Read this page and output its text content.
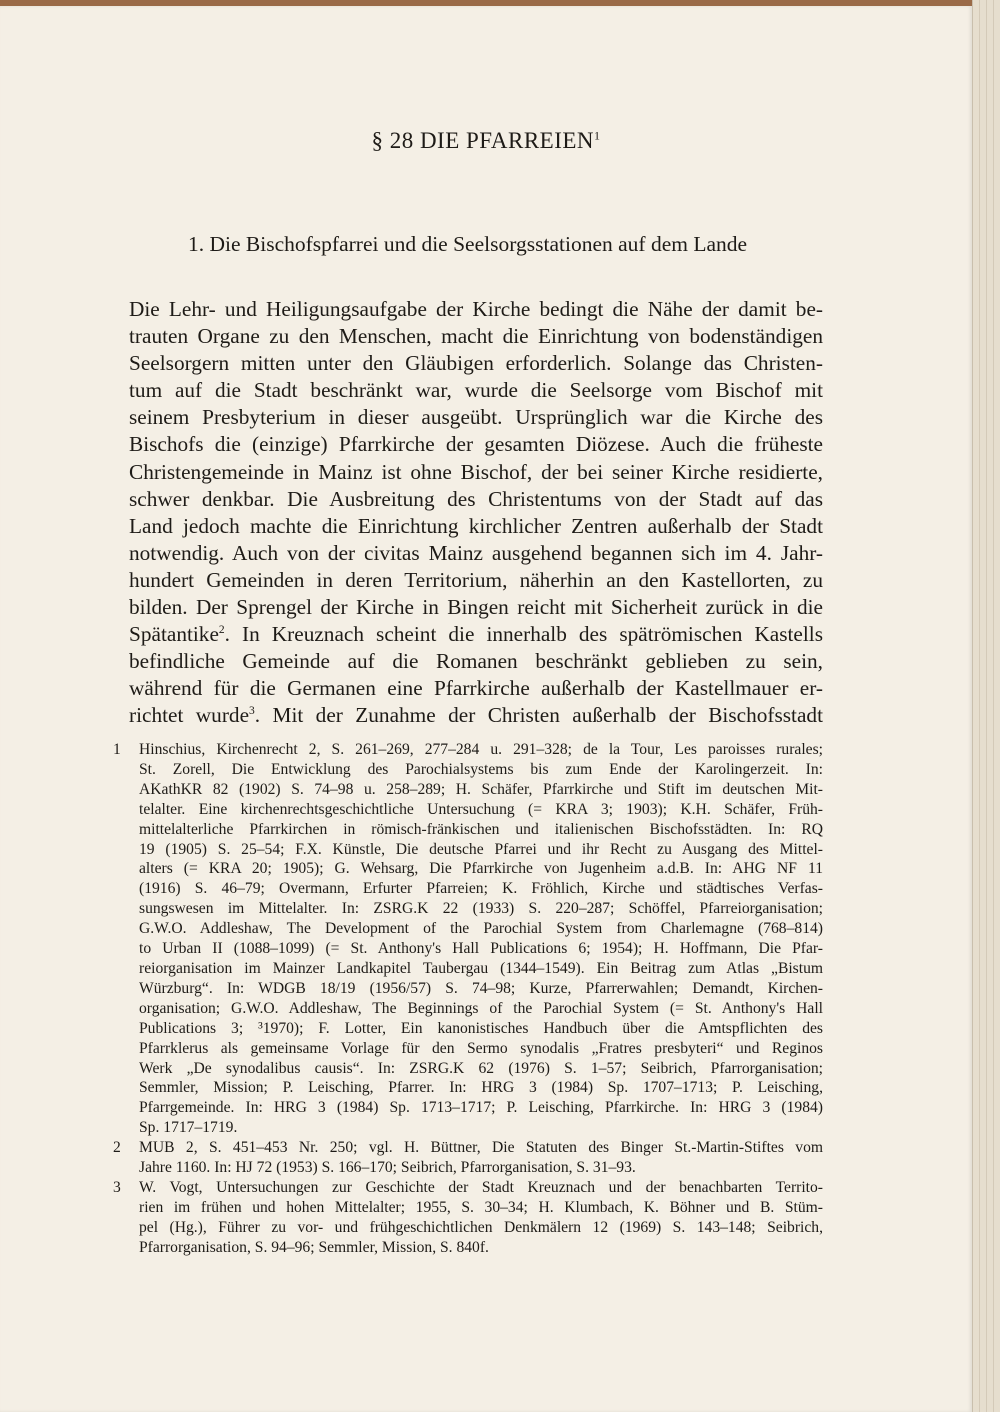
§ 28 DIE PFARREIEN$^1$
1. Die Bischofspfarrei und die Seelsorgsstationen auf dem Lande
Die Lehr- und Heiligungsaufgabe der Kirche bedingt die Nähe der damit be-
trauten Organe zu den Menschen, macht die Einrichtung von bodenständigen
Seelsorgern mitten unter den Gläubigen erforderlich. Solange das Christen-
tum auf die Stadt beschränkt war, wurde die Seelsorge vom Bischof mit
seinem Presbyterium in dieser ausgeübt. Ursprünglich war die Kirche des
Bischofs die (einzige) Pfarrkirche der gesamten Diözese. Auch die früheste
Christengemeinde in Mainz ist ohne Bischof, der bei seiner Kirche residierte,
schwer denkbar. Die Ausbreitung des Christentums von der Stadt auf das
Land jedoch machte die Einrichtung kirchlicher Zentren außerhalb der Stadt
notwendig. Auch von der civitas Mainz ausgehend begannen sich im 4. Jahr-
hundert Gemeinden in deren Territorium, näherhin an den Kastellorten, zu
bilden. Der Sprengel der Kirche in Bingen reicht mit Sicherheit zurück in die
Spätantike$^2$. In Kreuznach scheint die innerhalb des spätrömischen Kastells
befindliche Gemeinde auf die Romanen beschränkt geblieben zu sein,
während für die Germanen eine Pfarrkirche außerhalb der Kastellmauer er-
richtet wurde$^3$. Mit der Zunahme der Christen außerhalb der Bischofsstadt
1 Hinschius, Kirchenrecht 2, S. 261–269, 277–284 u. 291–328; de la Tour, Les paroisses rurales;
St. Zorell, Die Entwicklung des Parochialsystems bis zum Ende der Karolingerzeit. In:
AKathKR 82 (1902) S. 74–98 u. 258–289; H. Schäfer, Pfarrkirche und Stift im deutschen Mit-
telalter. Eine kirchenrechtsgeschichtliche Untersuchung (= KRA 3; 1903); K.H. Schäfer, Früh-
mittelalterliche Pfarrkirchen in römisch-fränkischen und italienischen Bischofsstädten. In: RQ
19 (1905) S. 25–54; F.X. Künstle, Die deutsche Pfarrei und ihr Recht zu Ausgang des Mittel-
alters (= KRA 20; 1905); G. Wehsarg, Die Pfarrkirche von Jugenheim a.d.B. In: AHG NF 11
(1916) S. 46–79; Overmann, Erfurter Pfarreien; K. Fröhlich, Kirche und städtisches Verfas-
sungswesen im Mittelalter. In: ZSRG.K 22 (1933) S. 220–287; Schöffel, Pfarreiorganisation;
G.W.O. Addleshaw, The Development of the Parochial System from Charlemagne (768–814)
to Urban II (1088–1099) (= St. Anthony's Hall Publications 6; 1954); H. Hoffmann, Die Pfar-
reiorganisation im Mainzer Landkapitel Taubergau (1344–1549). Ein Beitrag zum Atlas „Bistum
Würzburg“. In: WDGB 18/19 (1956/57) S. 74–98; Kurze, Pfarrerwahlen; Demandt, Kirchen-
organisation; G.W.O. Addleshaw, The Beginnings of the Parochial System (= St. Anthony's Hall
Publications 3; ³1970); F. Lotter, Ein kanonistisches Handbuch über die Amtspflichten des
Pfarrklerus als gemeinsame Vorlage für den Sermo synodalis „Fratres presbyteri“ und Reginos
Werk „De synodalibus causis“. In: ZSRG.K 62 (1976) S. 1–57; Seibrich, Pfarrorganisation;
Semmler, Mission; P. Leisching, Pfarrer. In: HRG 3 (1984) Sp. 1707–1713; P. Leisching,
Pfarrgemeinde. In: HRG 3 (1984) Sp. 1713–1717; P. Leisching, Pfarrkirche. In: HRG 3 (1984)
Sp. 1717–1719.
2 MUB 2, S. 451–453 Nr. 250; vgl. H. Büttner, Die Statuten des Binger St.-Martin-Stiftes vom
Jahre 1160. In: HJ 72 (1953) S. 166–170; Seibrich, Pfarrorganisation, S. 31–93.
3 W. Vogt, Untersuchungen zur Geschichte der Stadt Kreuznach und der benachbarten Territo-
rien im frühen und hohen Mittelalter; 1955, S. 30–34; H. Klumbach, K. Böhner und B. Stüm-
pel (Hg.), Führer zu vor- und frühgeschichtlichen Denkmälern 12 (1969) S. 143–148; Seibrich,
Pfarrorganisation, S. 94–96; Semmler, Mission, S. 840f.
